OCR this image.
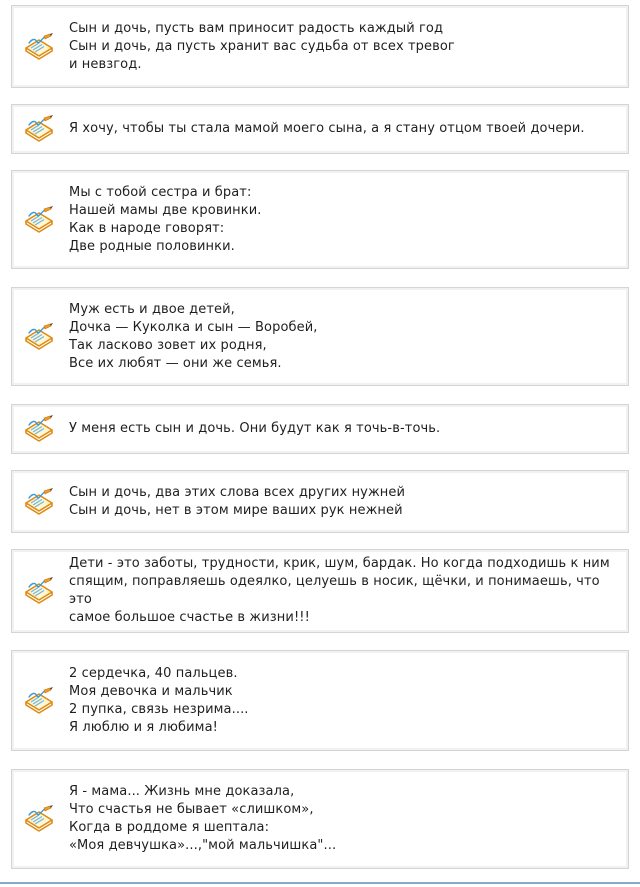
Сын и дочь, пусть вам приносит радость каждый год
Сын и дочь, да пусть хранит вас судьба от всех тревог
и невзгод.
Я хочу, чтобы ты стала мамой моего сына, а я стану отцом твоей дочери.
Мы с тобой сестра и брат:
Нашей мамы две кровинки.
Как в народе говорят:
Две родные половинки.
Муж есть и двое детей,
Дочка — Куколка и сын — Воробей,
Так ласково зовет их родня,
Все их любят — они же семья.
У меня есть сын и дочь. Они будут как я точь-в-точь.
Сын и дочь, два этих слова всех других нужней
Сын и дочь, нет в этом мире ваших рук нежней
Дети - это заботы, трудности, крик, шум, бардак. Но когда подходишь к ним
спящим, поправляешь одеялко, целуешь в носик, щёчки, и понимаешь, что это
самое большое счастье в жизни!!!
2 сердечка, 40 пальцев.
Моя девочка и мальчик
2 пупка, связь незрима....
Я люблю и я любима!
Я - мама... Жизнь мне доказала,
Что счастья не бывает «слишком»,
Когда в роддоме я шептала:
«Моя девчушка»...,"мой мальчишка"...
